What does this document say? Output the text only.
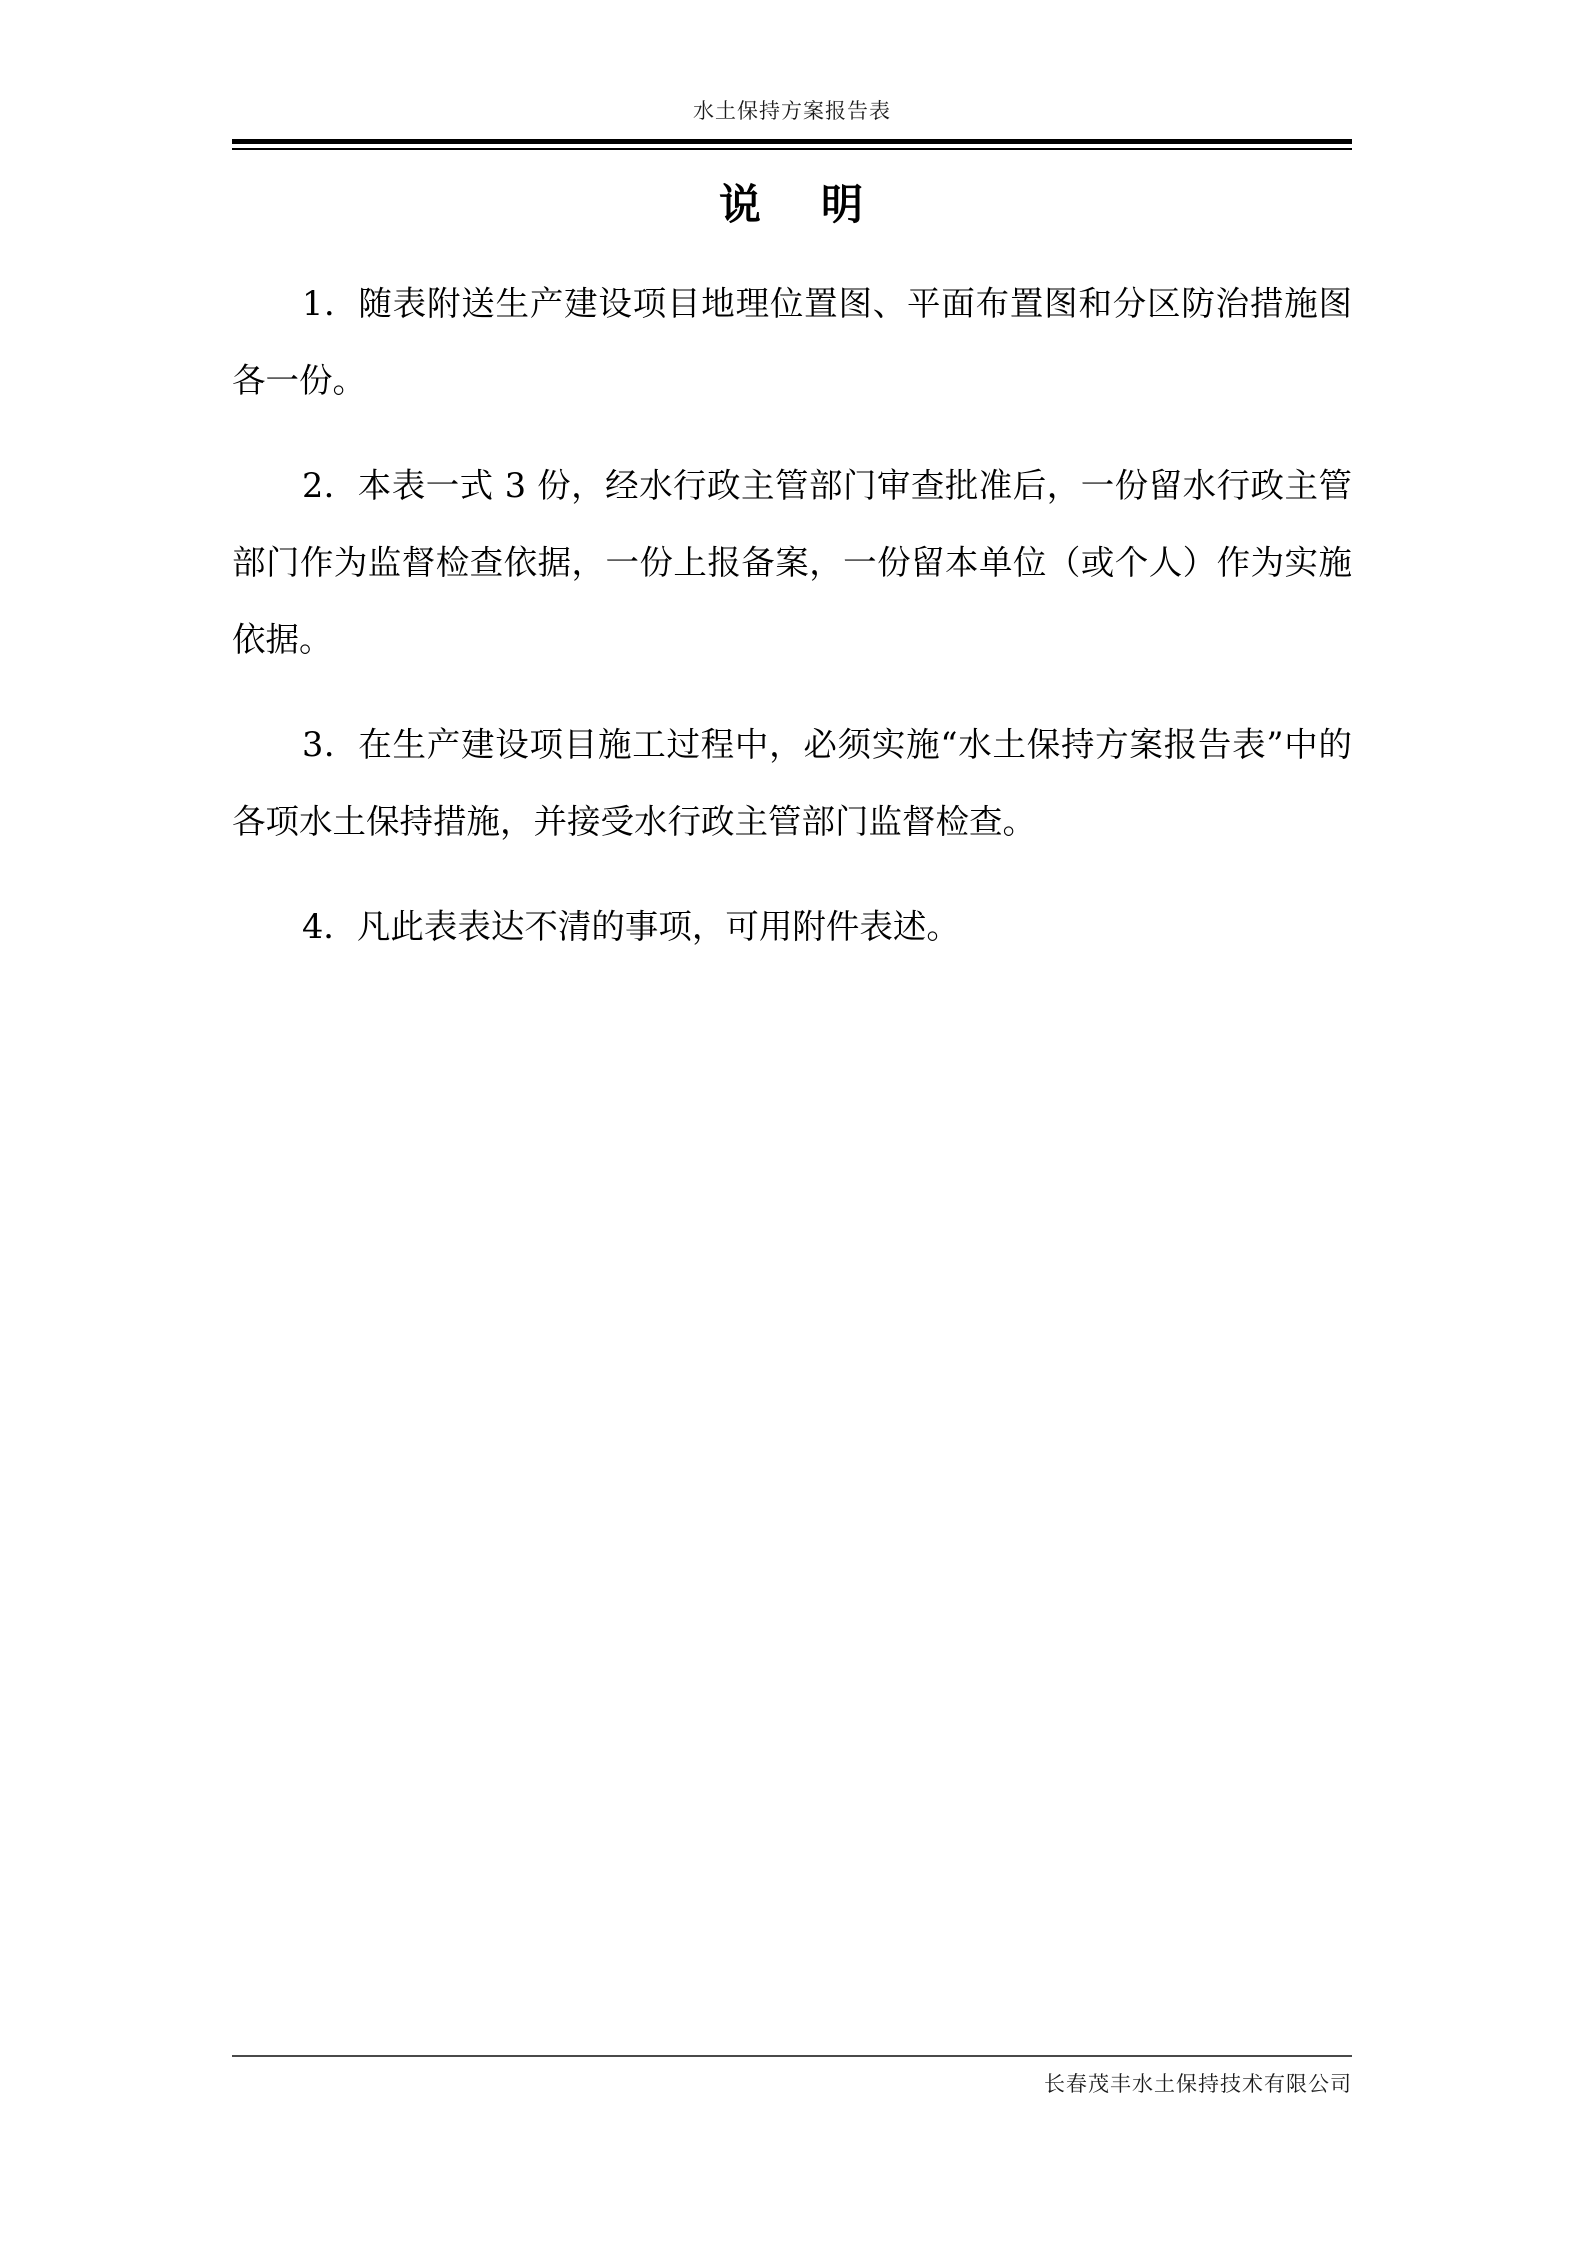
水土保持方案报告表
说 明

1．随表附送生产建设项目地理位置图、平面布置图和分区防治措施图各一份。

2．本表一式 3 份，经水行政主管部门审查批准后，一份留水行政主管部门作为监督检查依据，一份上报备案，一份留本单位（或个人）作为实施依据。

3．在生产建设项目施工过程中，必须实施“水土保持方案报告表”中的各项水土保持措施，并接受水行政主管部门监督检查。

4．凡此表表达不清的事项，可用附件表述。

长春茂丰水土保持技术有限公司
